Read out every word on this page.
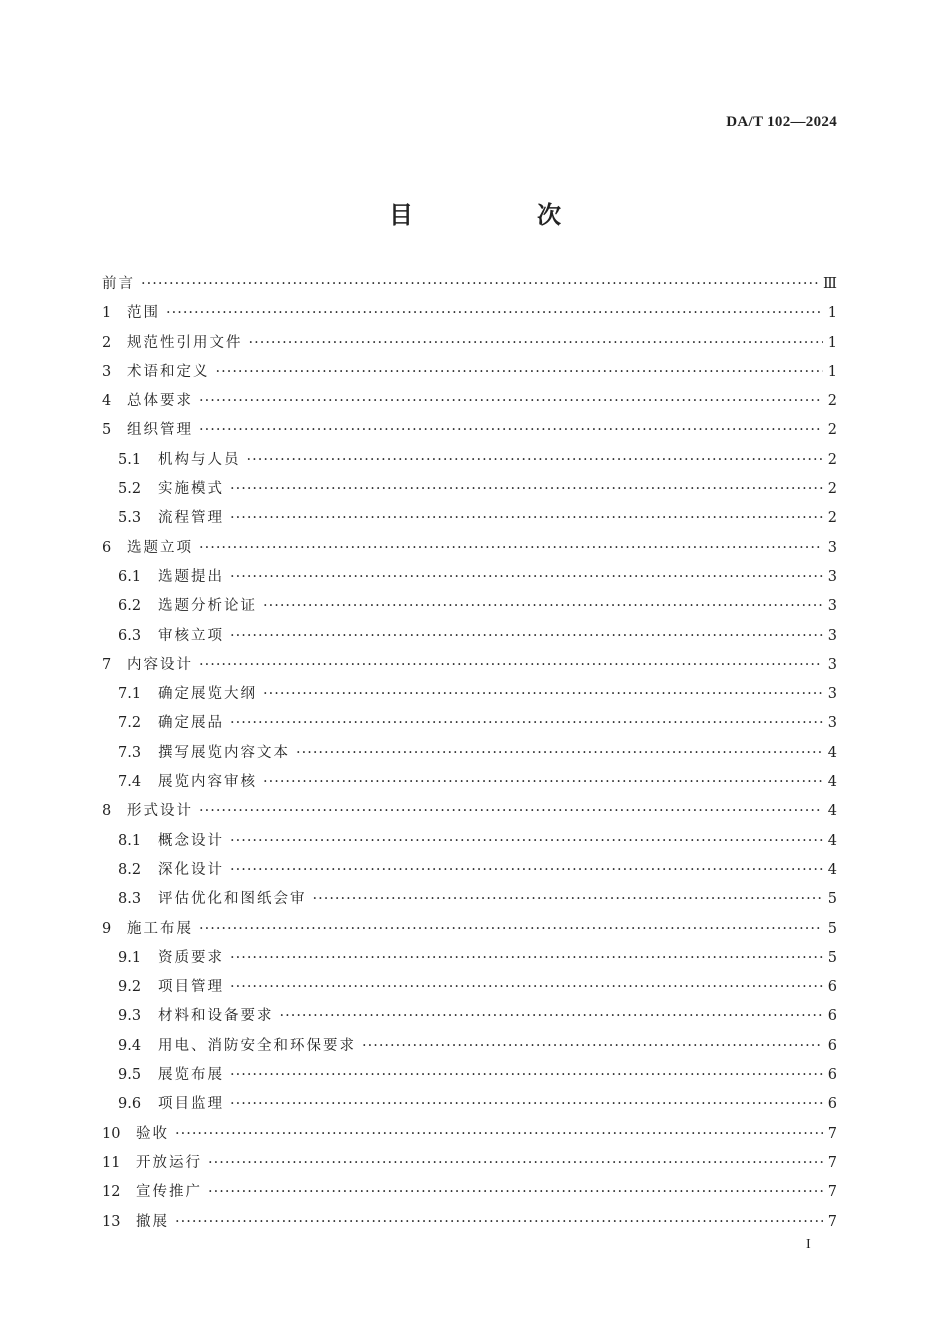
DA/T 102—2024
目　次
前言 ·····	Ⅲ
1	范围 ·····	1
2	规范性引用文件 ·····	1
3	术语和定义 ·····	1
4	总体要求 ·····	2
5	组织管理 ·····	2
5.1	机构与人员 ·····	2
5.2	实施模式 ·····	2
5.3	流程管理 ·····	2
6	选题立项 ·····	3
6.1	选题提出 ·····	3
6.2	选题分析论证 ·····	3
6.3	审核立项 ·····	3
7	内容设计 ·····	3
7.1	确定展览大纲 ·····	3
7.2	确定展品 ·····	3
7.3	撰写展览内容文本 ·····	4
7.4	展览内容审核 ·····	4
8	形式设计 ·····	4
8.1	概念设计 ·····	4
8.2	深化设计 ·····	4
8.3	评估优化和图纸会审 ·····	5
9	施工布展 ·····	5
9.1	资质要求 ·····	5
9.2	项目管理 ·····	6
9.3	材料和设备要求 ·····	6
9.4	用电、消防安全和环保要求 ·····	6
9.5	展览布展 ·····	6
9.6	项目监理 ·····	6
10	验收 ·····	7
11	开放运行 ·····	7
12	宣传推广 ·····	7
13	撤展 ·····	7
I
